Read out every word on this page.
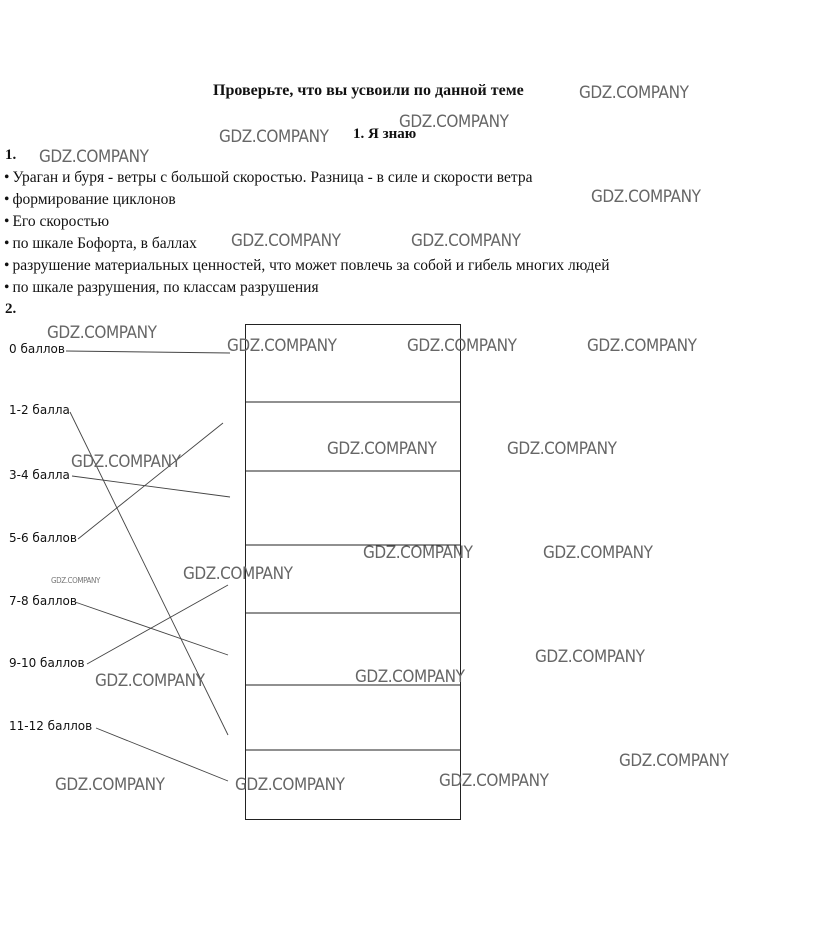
Проверьте, что вы усвоили по данной теме
1. Я знаю
1.
• Ураган и буря - ветры с большой скоростью. Разница - в силе и скорости ветра
• формирование циклонов
• Его скоростью
• по шкале Бофорта, в баллах
• разрушение материальных ценностей, что может повлечь за собой и гибель многих людей
• по шкале разрушения, по классам разрушения
2.
0 баллов
1-2 балла
3-4 балла
5-6 баллов
7-8 баллов
9-10 баллов
11-12 баллов
GDZ.COMPANY
GDZ.COMPANY
GDZ.COMPANY
GDZ.COMPANY
GDZ.COMPANY
GDZ.COMPANY	GDZ.COMPANY
GDZ.COMPANY
GDZ.COMPANY	GDZ.COMPANY	GDZ.COMPANY
GDZ.COMPANY	GDZ.COMPANY
GDZ.COMPANY
GDZ.COMPANY	GDZ.COMPANY
GDZ.COMPANY
GDZ.COMPANY
GDZ.COMPANY
GDZ.COMPANY
GDZ.COMPANY
GDZ.COMPANY
GDZ.COMPANY
GDZ.COMPANY	GDZ.COMPANY
